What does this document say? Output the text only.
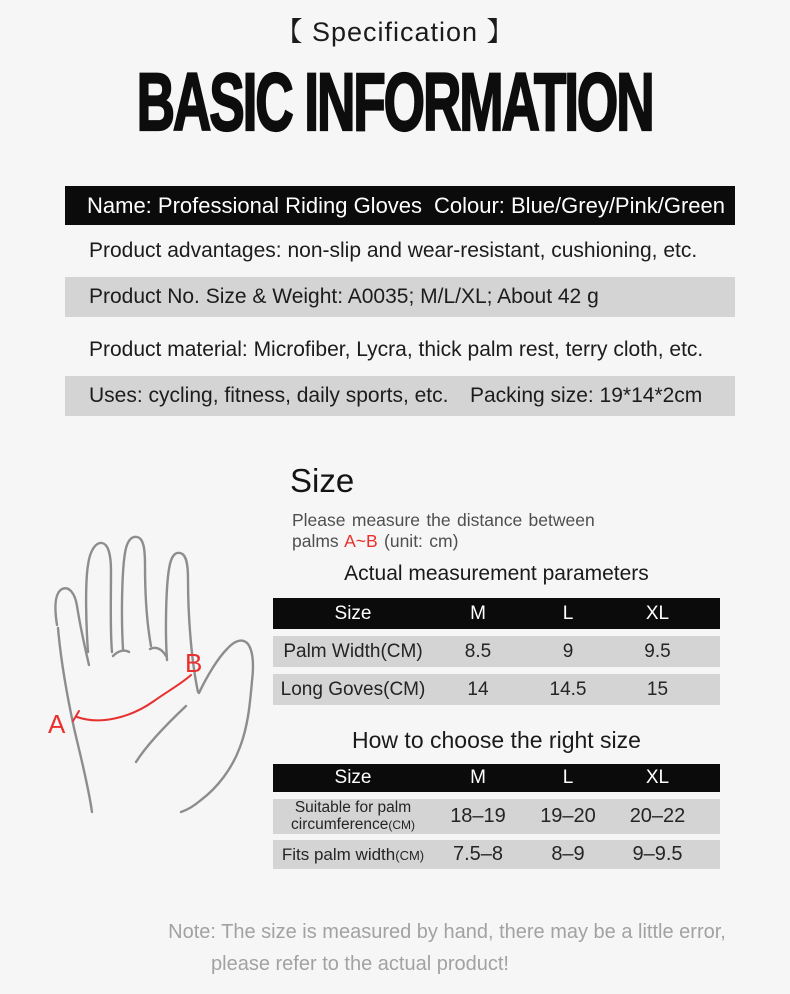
【 Specification 】
BASIC INFORMATION
Name: Professional Riding Gloves Colour: Blue/Grey/Pink/Green
Product advantages: non-slip and wear-resistant, cushioning, etc.
Product No. Size & Weight: A0035; M/L/XL; About 42 g
Product material: Microfiber, Lycra, thick palm rest, terry cloth, etc.
Uses: cycling, fitness, daily sports, etc. Packing size: 19*14*2cm
Size
Please measure the distance between
palms A~B (unit: cm)
A
B
Actual measurement parameters
Size	M	L	XL
Palm Width(CM)	8.5	9	9.5
Long Goves(CM)	14	14.5	15
How to choose the right size
Size	M	L	XL
Suitable for palm
circumference(CM)	18–19	19–20	20–22
Fits palm width(CM)	7.5–8	8–9	9–9.5
Note: The size is measured by hand, there may be a little error,
please refer to the actual product!
